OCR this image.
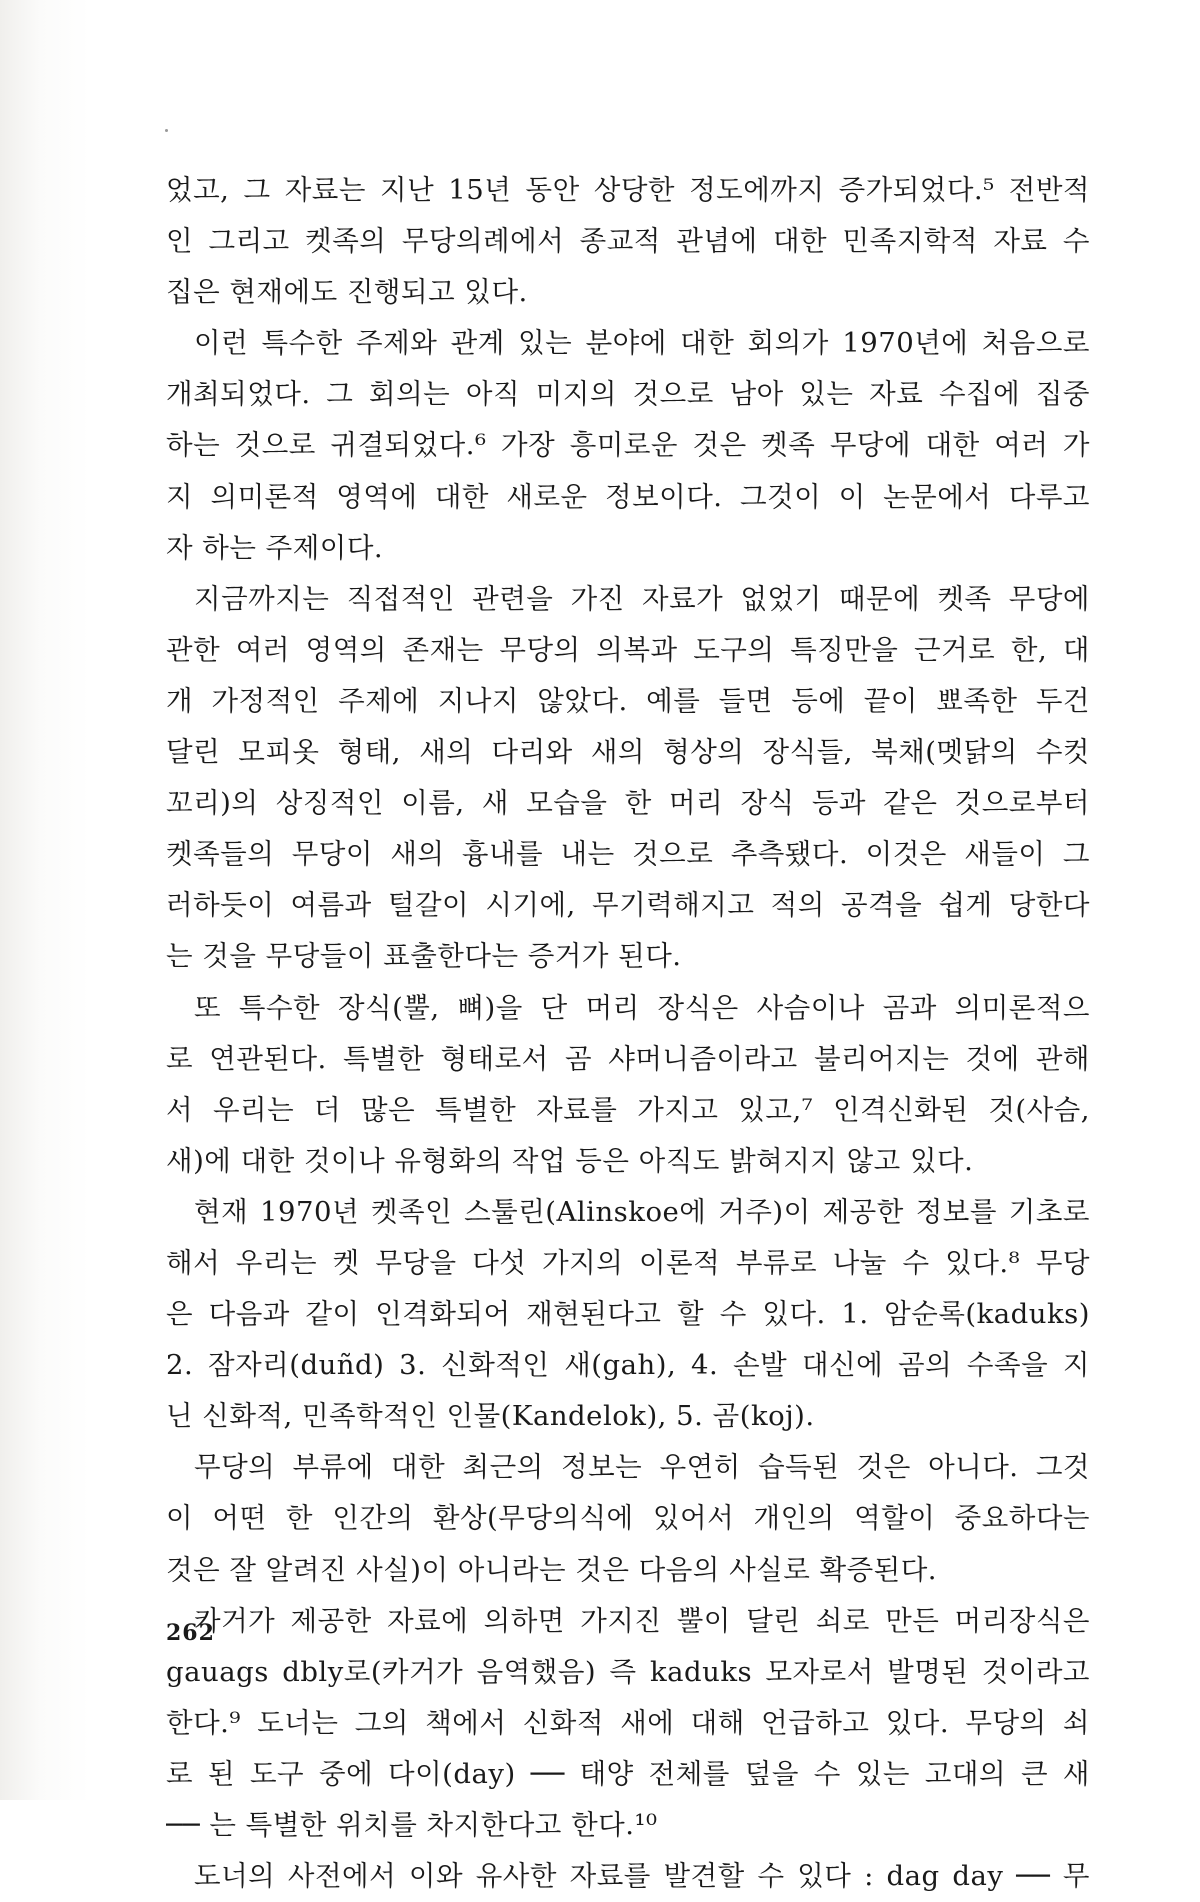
었고, 그 자료는 지난 15년 동안 상당한 정도에까지 증가되었다.⁵ 전반적
인 그리고 켓족의 무당의례에서 종교적 관념에 대한 민족지학적 자료 수
집은 현재에도 진행되고 있다.
이런 특수한 주제와 관계 있는 분야에 대한 회의가 1970년에 처음으로
개최되었다. 그 회의는 아직 미지의 것으로 남아 있는 자료 수집에 집중
하는 것으로 귀결되었다.⁶ 가장 흥미로운 것은 켓족 무당에 대한 여러 가
지 의미론적 영역에 대한 새로운 정보이다. 그것이 이 논문에서 다루고
자 하는 주제이다.
지금까지는 직접적인 관련을 가진 자료가 없었기 때문에 켓족 무당에
관한 여러 영역의 존재는 무당의 의복과 도구의 특징만을 근거로 한, 대
개 가정적인 주제에 지나지 않았다. 예를 들면 등에 끝이 뾰족한 두건
달린 모피옷 형태, 새의 다리와 새의 형상의 장식들, 북채(멧닭의 수컷
꼬리)의 상징적인 이름, 새 모습을 한 머리 장식 등과 같은 것으로부터
켓족들의 무당이 새의 흉내를 내는 것으로 추측됐다. 이것은 새들이 그
러하듯이 여름과 털갈이 시기에, 무기력해지고 적의 공격을 쉽게 당한다
는 것을 무당들이 표출한다는 증거가 된다.
또 특수한 장식(뿔, 뼈)을 단 머리 장식은 사슴이나 곰과 의미론적으
로 연관된다. 특별한 형태로서 곰 샤머니즘이라고 불리어지는 것에 관해
서 우리는 더 많은 특별한 자료를 가지고 있고,⁷ 인격신화된 것(사슴,
새)에 대한 것이나 유형화의 작업 등은 아직도 밝혀지지 않고 있다.
현재 1970년 켓족인 스툴린(Alinskoe에 거주)이 제공한 정보를 기초로
해서 우리는 켓 무당을 다섯 가지의 이론적 부류로 나눌 수 있다.⁸ 무당
은 다음과 같이 인격화되어 재현된다고 할 수 있다. 1. 암순록(kaduks)
2. 잠자리(duñd) 3. 신화적인 새(gah), 4. 손발 대신에 곰의 수족을 지
닌 신화적, 민족학적인 인물(Kandelok), 5. 곰(koj).
무당의 부류에 대한 최근의 정보는 우연히 습득된 것은 아니다. 그것
이 어떤 한 인간의 환상(무당의식에 있어서 개인의 역할이 중요하다는
것은 잘 알려진 사실)이 아니라는 것은 다음의 사실로 확증된다.
카거가 제공한 자료에 의하면 가지진 뿔이 달린 쇠로 만든 머리장식은
gauags dbly로(카거가 음역했음) 즉 kaduks 모자로서 발명된 것이라고
한다.⁹ 도너는 그의 책에서 신화적 새에 대해 언급하고 있다. 무당의 쇠
로 된 도구 중에 다이(day) ── 태양 전체를 덮을 수 있는 고대의 큰 새
── 는 특별한 위치를 차지한다고 한다.¹⁰
도너의 사전에서 이와 유사한 자료를 발견할 수 있다 : dag day ── 무
262
